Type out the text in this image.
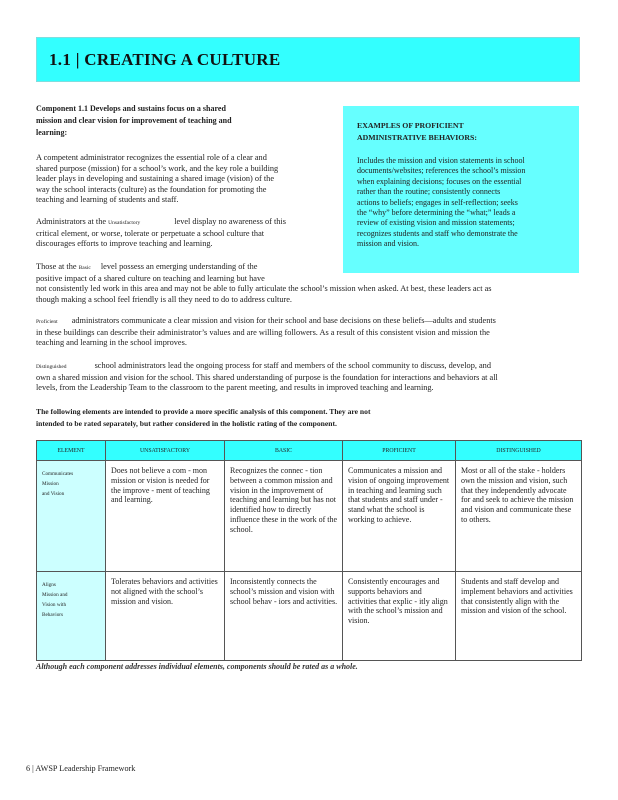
1.1 | CREATING A CULTURE
Component 1.1 Develops and sustains focus on a shared
mission and clear vision for improvement of teaching and
learning:
A competent administrator recognizes the essential role of a clear and
shared purpose (mission) for a school’s work, and the key role a building
leader plays in developing and sustaining a shared image (vision) of the
way the school interacts (culture) as the foundation for promoting the
teaching and learning of students and staff.
Administrators at the Unsatisfactory	level display no awareness of this
critical element, or worse, tolerate or perpetuate a school culture that
discourages efforts to improve teaching and learning.
Those at the Basic level possess an emerging understanding of the
positive impact of a shared culture on teaching and learning but have
not consistently led work in this area and may not be able to fully articulate the school’s mission when asked. At best, these leaders act as
though making a school feel friendly is all they need to do to address culture.
Proficient administrators communicate a clear mission and vision for their school and base decisions on these beliefs—adults and students
in these buildings can describe their administrator’s values and are willing followers. As a result of this consistent vision and mission the
teaching and learning in the school improves.
Distinguished	school administrators lead the ongoing process for staff and members of the school community to discuss, develop, and
own a shared mission and vision for the school. This shared understanding of purpose is the foundation for interactions and behaviors at all
levels, from the Leadership Team to the classroom to the parent meeting, and results in improved teaching and learning.

EXAMPLES OF PROFICIENT
ADMINISTRATIVE BEHAVIORS:

Includes the mission and vision statements in school
documents/websites; references the school’s mission
when explaining decisions; focuses on the essential
rather than the routine; consistently connects
actions to beliefs; engages in self-reflection; seeks
the “why” before determining the “what;” leads a
review of existing vision and mission statements;
recognizes students and staff who demonstrate the
mission and vision.

The following elements are intended to provide a more specific analysis of this component. They are not
intended to be rated separately, but rather considered in the holistic rating of the component.
ELEMENT	UNSATISFACTORY	BASIC	PROFICIENT	DISTINGUISHED

Communicates
Mission
and Vision	Does not believe a com - mon mission or vision is needed for the improve - ment of teaching and learning.	Recognizes the connec - tion between a common mission and vision in the improvement of teaching and learning but has not identified how to directly influence these in the work of the school.	Communicates a mission and vision of ongoing improvement in teaching and learning such that students and staff under - stand what the school is working to achieve.	Most or all of the stake - holders own the mission and vision, such that they independently advocate for and seek to achieve the mission and vision and communicate these to others.

Aligns
Mission and
Vision with
Behaviors	Tolerates behaviors and activities not aligned with the school’s mission and vision.	Inconsistently connects the school’s mission and vision with school behav - iors and activities.	Consistently encourages and supports behaviors and activities that explic - itly align with the school’s mission and vision.	Students and staff develop and implement behaviors and activities that consistently align with the mission and vision of the school.
Although each component addresses individual elements, components should be rated as a whole.
6 | AWSP Leadership Framework
